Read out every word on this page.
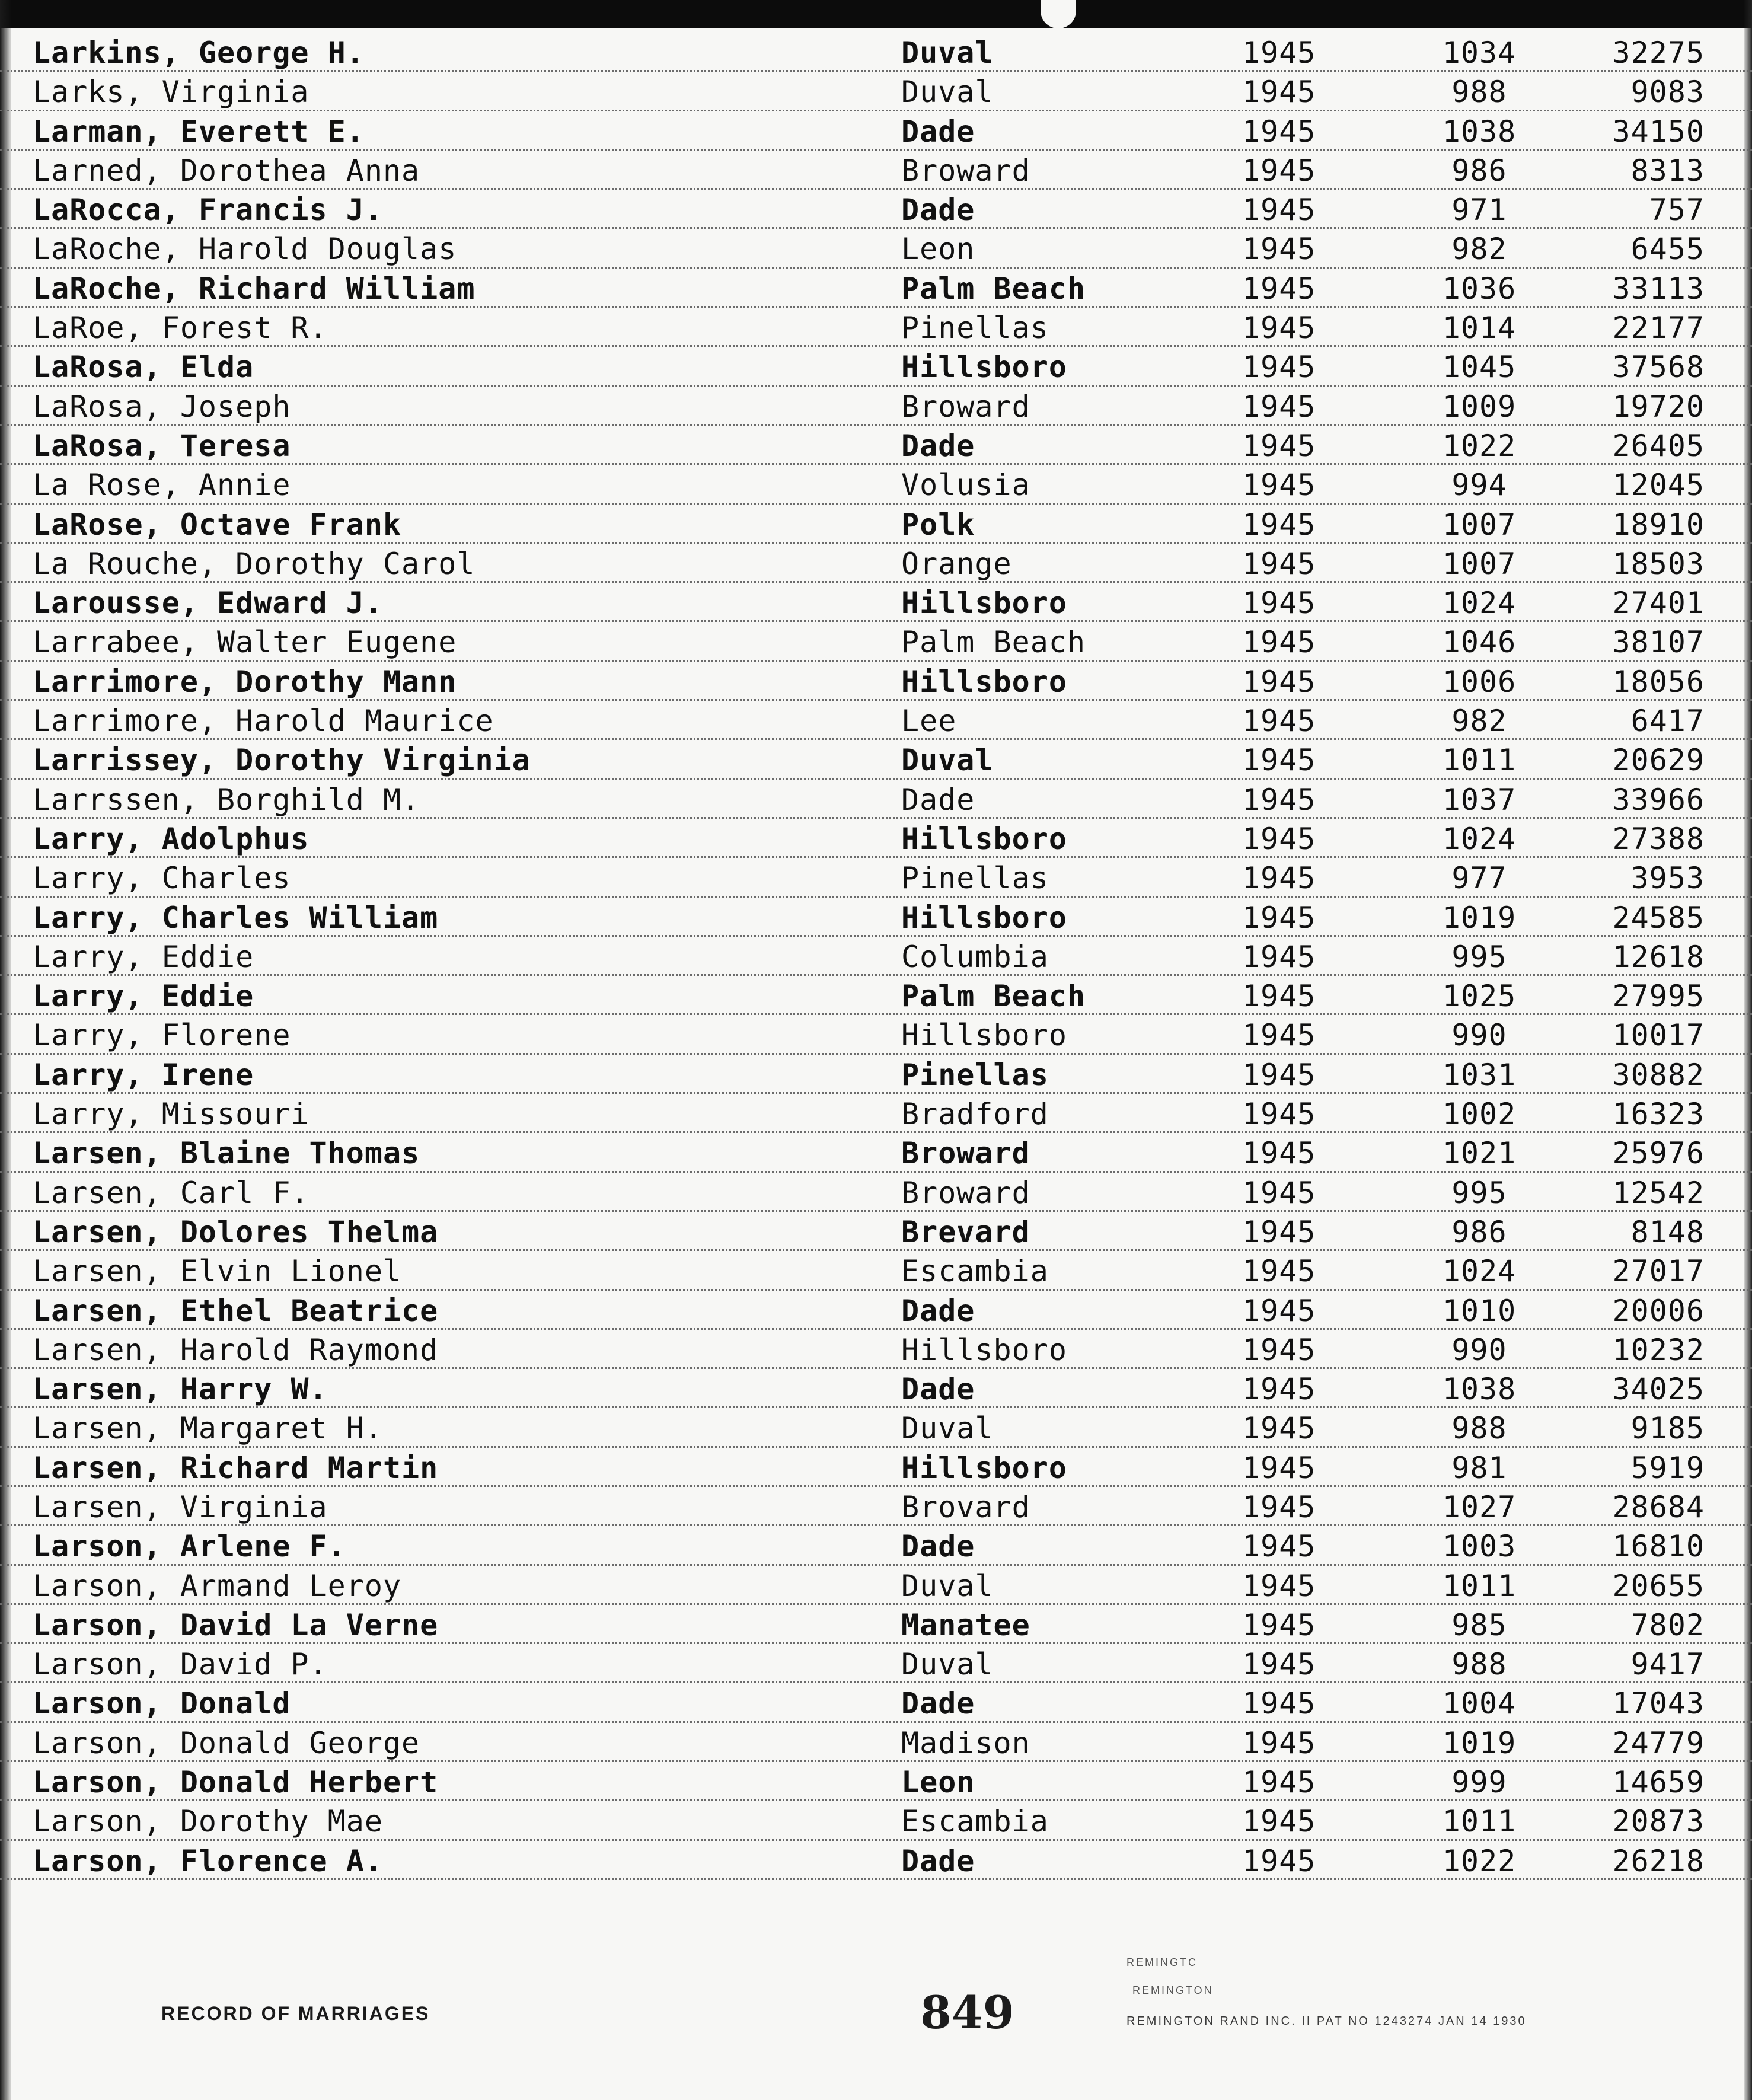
Larkins, George H.	Duval	1945	1034	32275
Larks, Virginia	Duval	1945	988	9083
Larman, Everett E.	Dade	1945	1038	34150
Larned, Dorothea Anna	Broward	1945	986	8313
LaRocca, Francis J.	Dade	1945	971	757
LaRoche, Harold Douglas	Leon	1945	982	6455
LaRoche, Richard William	Palm Beach	1945	1036	33113
LaRoe, Forest R.	Pinellas	1945	1014	22177
LaRosa, Elda	Hillsboro	1945	1045	37568
LaRosa, Joseph	Broward	1945	1009	19720
LaRosa, Teresa	Dade	1945	1022	26405
La Rose, Annie	Volusia	1945	994	12045
LaRose, Octave Frank	Polk	1945	1007	18910
La Rouche, Dorothy Carol	Orange	1945	1007	18503
Larousse, Edward J.	Hillsboro	1945	1024	27401
Larrabee, Walter Eugene	Palm Beach	1945	1046	38107
Larrimore, Dorothy Mann	Hillsboro	1945	1006	18056
Larrimore, Harold Maurice	Lee	1945	982	6417
Larrissey, Dorothy Virginia	Duval	1945	1011	20629
Larrssen, Borghild M.	Dade	1945	1037	33966
Larry, Adolphus	Hillsboro	1945	1024	27388
Larry, Charles	Pinellas	1945	977	3953
Larry, Charles William	Hillsboro	1945	1019	24585
Larry, Eddie	Columbia	1945	995	12618
Larry, Eddie	Palm Beach	1945	1025	27995
Larry, Florene	Hillsboro	1945	990	10017
Larry, Irene	Pinellas	1945	1031	30882
Larry, Missouri	Bradford	1945	1002	16323
Larsen, Blaine Thomas	Broward	1945	1021	25976
Larsen, Carl F.	Broward	1945	995	12542
Larsen, Dolores Thelma	Brevard	1945	986	8148
Larsen, Elvin Lionel	Escambia	1945	1024	27017
Larsen, Ethel Beatrice	Dade	1945	1010	20006
Larsen, Harold Raymond	Hillsboro	1945	990	10232
Larsen, Harry W.	Dade	1945	1038	34025
Larsen, Margaret H.	Duval	1945	988	9185
Larsen, Richard Martin	Hillsboro	1945	981	5919
Larsen, Virginia	Brovard	1945	1027	28684
Larson, Arlene F.	Dade	1945	1003	16810
Larson, Armand Leroy	Duval	1945	1011	20655
Larson, David La Verne	Manatee	1945	985	7802
Larson, David P.	Duval	1945	988	9417
Larson, Donald	Dade	1945	1004	17043
Larson, Donald George	Madison	1945	1019	24779
Larson, Donald Herbert	Leon	1945	999	14659
Larson, Dorothy Mae	Escambia	1945	1011	20873
Larson, Florence A.	Dade	1945	1022	26218
REMINGTC
REMINGTON
REMINGTON RAND INC. II PAT NO 1243274 JAN 14 1930
RECORD OF MARRIAGES	849
